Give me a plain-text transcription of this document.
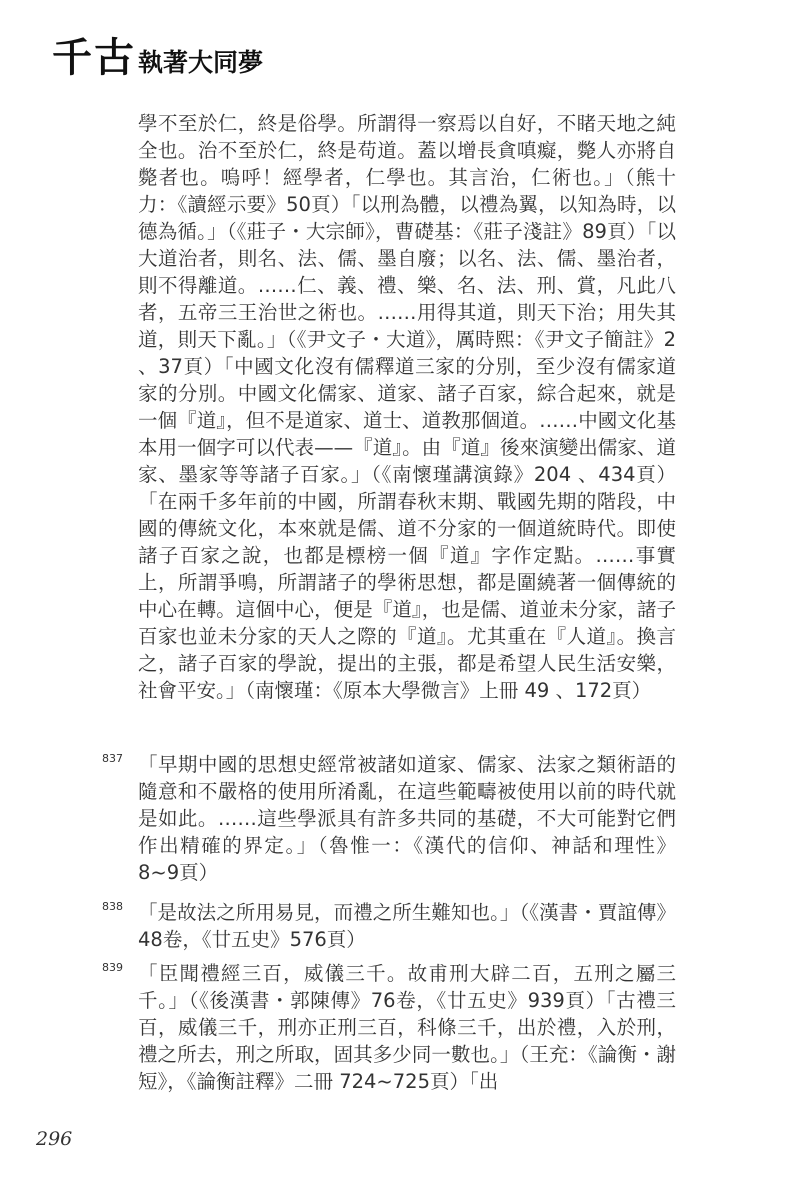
千古執著大同夢

學不至於仁，終是俗學。所謂得一察焉以自好，不睹天地之純全也。治不至於仁，終是苟道。蓋以增長貪嗔癡，斃人亦將自斃者也。嗚呼！經學者，仁學也。其言治，仁術也。」（熊十力：《讀經示要》50頁）「以刑為體，以禮為翼，以知為時，以德為循。」（《莊子・大宗師》，曹礎基：《莊子淺註》89頁）「以大道治者，則名、法、儒、墨自廢；以名、法、儒、墨治者，則不得離道。……仁、義、禮、樂、名、法、刑、賞，凡此八者，五帝三王治世之術也。……用得其道，則天下治；用失其道，則天下亂。」（《尹文子・大道》，厲時熙：《尹文子簡註》2 、37頁）「中國文化沒有儒釋道三家的分別，至少沒有儒家道家的分別。中國文化儒家、道家、諸子百家，綜合起來，就是一個『道』，但不是道家、道士、道教那個道。……中國文化基本用一個字可以代表——『道』。由『道』後來演變出儒家、道家、墨家等等諸子百家。」（《南懷瑾講演錄》204 、434頁）「在兩千多年前的中國，所謂春秋末期、戰國先期的階段，中國的傳統文化，本來就是儒、道不分家的一個道統時代。即使諸子百家之說，也都是標榜一個『道』字作定點。……事實上，所謂爭鳴，所謂諸子的學術思想，都是圍繞著一個傳統的中心在轉。這個中心，便是『道』，也是儒、道並未分家，諸子百家也並未分家的天人之際的『道』。尤其重在『人道』。換言之，諸子百家的學說，提出的主張，都是希望人民生活安樂，社會平安。」（南懷瑾：《原本大學微言》上冊 49 、172頁）

837 「早期中國的思想史經常被諸如道家、儒家、法家之類術語的隨意和不嚴格的使用所淆亂，在這些範疇被使用以前的時代就是如此。……這些學派具有許多共同的基礎，不大可能對它們作出精確的界定。」（魯惟一：《漢代的信仰、神話和理性》8~9頁）
838 「是故法之所用易見，而禮之所生難知也。」（《漢書・賈誼傳》48卷，《廿五史》576頁）
839 「臣聞禮經三百，威儀三千。故甫刑大辟二百，五刑之屬三千。」（《後漢書・郭陳傳》76卷，《廿五史》939頁）「古禮三百，威儀三千，刑亦正刑三百，科條三千，出於禮，入於刑，禮之所去，刑之所取，固其多少同一數也。」（王充：《論衡・謝短》，《論衡註釋》二冊 724~725頁）「出
296
